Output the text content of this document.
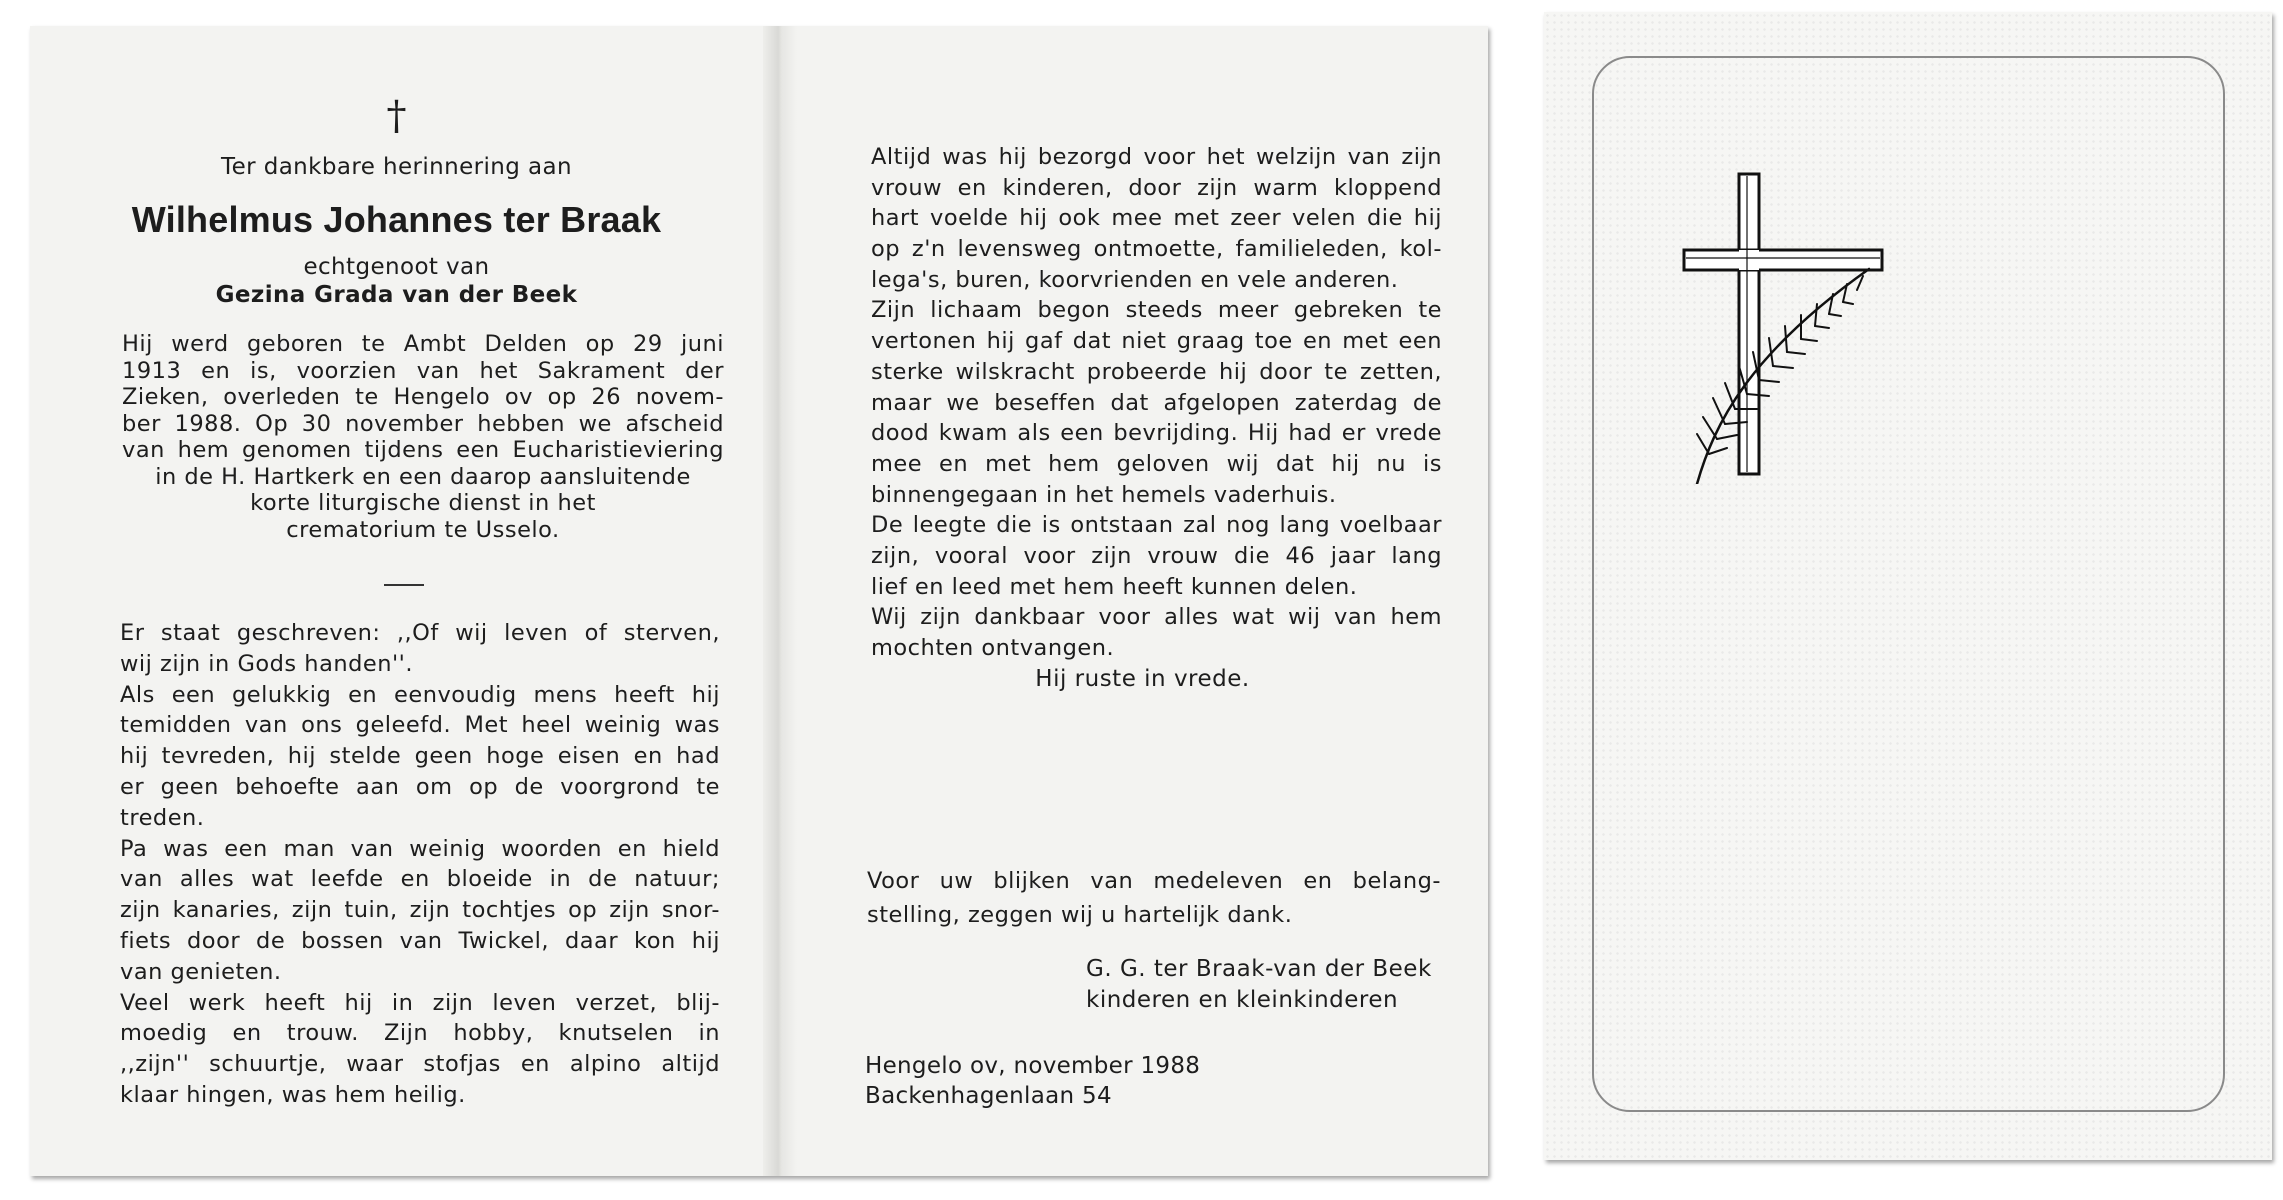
†
Ter dankbare herinnering aan
Wilhelmus Johannes ter Braak
echtgenoot van
Gezina Grada van der Beek
Hij werd geboren te Ambt Delden op 29 juni
1913 en is, voorzien van het Sakrament der
Zieken, overleden te Hengelo ov op 26 novem-
ber 1988. Op 30 november hebben we afscheid
van hem genomen tijdens een Eucharistieviering
in de H. Hartkerk en een daarop aansluitende
korte liturgische dienst in het
crematorium te Usselo.
Er staat geschreven: ,,Of wij leven of sterven,
wij zijn in Gods handen''.
Als een gelukkig en eenvoudig mens heeft hij
temidden van ons geleefd. Met heel weinig was
hij tevreden, hij stelde geen hoge eisen en had
er geen behoefte aan om op de voorgrond te
treden.
Pa was een man van weinig woorden en hield
van alles wat leefde en bloeide in de natuur;
zijn kanaries, zijn tuin, zijn tochtjes op zijn snor-
fiets door de bossen van Twickel, daar kon hij
van genieten.
Veel werk heeft hij in zijn leven verzet, blij-
moedig en trouw. Zijn hobby, knutselen in
,,zijn'' schuurtje, waar stofjas en alpino altijd
klaar hingen, was hem heilig.
Altijd was hij bezorgd voor het welzijn van zijn
vrouw en kinderen, door zijn warm kloppend
hart voelde hij ook mee met zeer velen die hij
op z'n levensweg ontmoette, familieleden, kol-
lega's, buren, koorvrienden en vele anderen.
Zijn lichaam begon steeds meer gebreken te
vertonen hij gaf dat niet graag toe en met een
sterke wilskracht probeerde hij door te zetten,
maar we beseffen dat afgelopen zaterdag de
dood kwam als een bevrijding. Hij had er vrede
mee en met hem geloven wij dat hij nu is
binnengegaan in het hemels vaderhuis.
De leegte die is ontstaan zal nog lang voelbaar
zijn, vooral voor zijn vrouw die 46 jaar lang
lief en leed met hem heeft kunnen delen.
Wij zijn dankbaar voor alles wat wij van hem
mochten ontvangen.
Hij ruste in vrede.
Voor uw blijken van medeleven en belang-
stelling, zeggen wij u hartelijk dank.
G. G. ter Braak-van der Beek
kinderen en kleinkinderen
Hengelo ov, november 1988
Backenhagenlaan 54
